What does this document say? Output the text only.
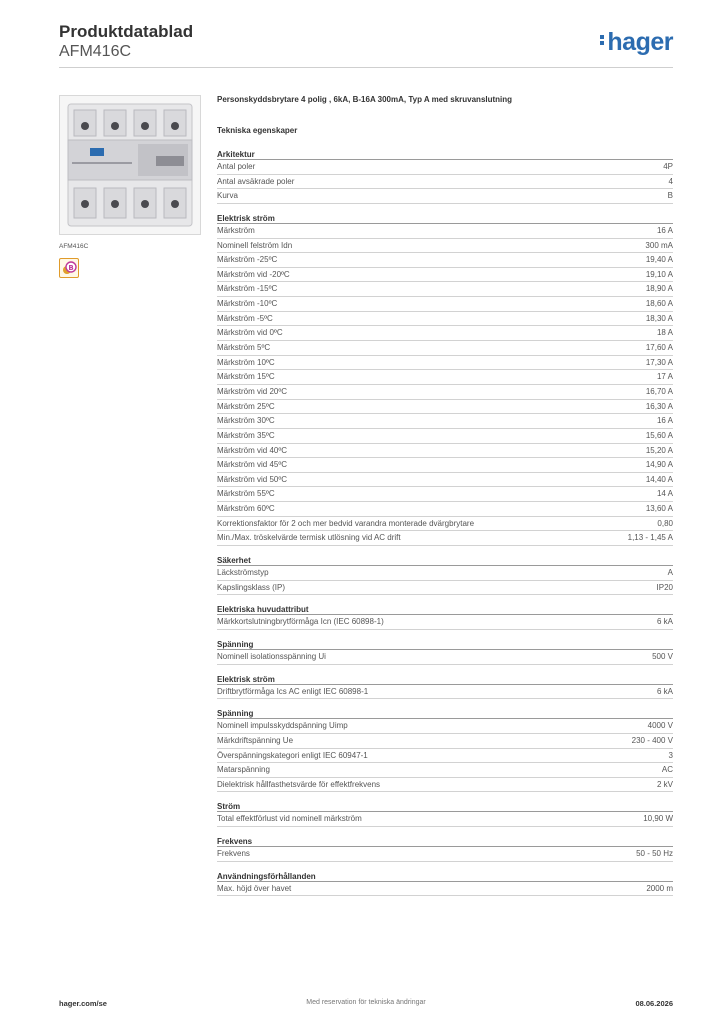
Produktdatablad
AFM416C	hager
AFM416C
B
Personskyddsbrytare 4 polig , 6kA, B-16A 300mA, Typ A med skruvanslutning
Tekniska egenskaper
Arkitektur
Antal poler	4P
Antal avsäkrade poler	4
Kurva	B
Elektrisk ström
Märkström	16 A
Nominell felström Idn	300 mA
Märkström -25ºC	19,40 A
Märkström vid -20ºC	19,10 A
Märkström -15ºC	18,90 A
Märkström -10ºC	18,60 A
Märkström -5ºC	18,30 A
Märkström vid 0ºC	18 A
Märkström 5ºC	17,60 A
Märkström 10ºC	17,30 A
Märkström 15ºC	17 A
Märkström vid 20ºC	16,70 A
Märkström 25ºC	16,30 A
Märkström 30ºC	16 A
Märkström 35ºC	15,60 A
Märkström vid 40ºC	15,20 A
Märkström vid 45ºC	14,90 A
Märkström vid 50ºC	14,40 A
Märkström 55ºC	14 A
Märkström 60ºC	13,60 A
Korrektionsfaktor för 2 och mer bedvid varandra monterade dvärgbrytare	0,80
Min./Max. tröskelvärde termisk utlösning vid AC drift	1,13 - 1,45 A
Säkerhet
Läckströmstyp	A
Kapslingsklass (IP)	IP20
Elektriska huvudattribut
Märkkortslutningbrytförmåga Icn (IEC 60898-1)	6 kA
Spänning
Nominell isolationsspänning Ui	500 V
Elektrisk ström
Driftbrytförmåga Ics AC enligt IEC 60898-1	6 kA
Spänning
Nominell impulsskyddspänning Uimp	4000 V
Märkdriftspänning Ue	230 - 400 V
Överspänningskategori enligt IEC 60947-1	3
Matarspänning	AC
Dielektrisk hållfasthetsvärde för effektfrekvens	2 kV
Ström
Total effektförlust vid nominell märkström	10,90 W
Frekvens
Frekvens	50 - 50 Hz
Användningsförhållanden
Max. höjd över havet	2000 m
hager.com/se	Med reservation för tekniska ändringar	08.06.2026
